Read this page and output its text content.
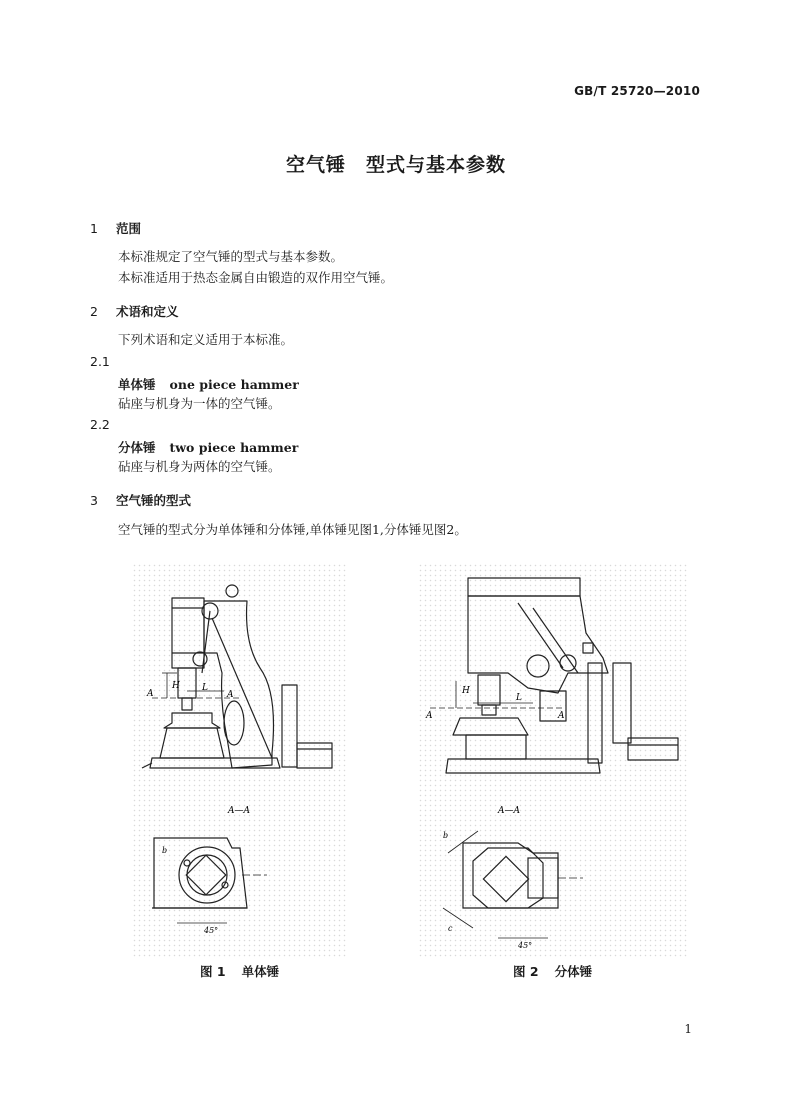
GB/T 25720—2010
空气锤　型式与基本参数
1 范围
本标准规定了空气锤的型式与基本参数。
本标准适用于热态金属自由锻造的双作用空气锤。
2 术语和定义
下列术语和定义适用于本标准。
2.1
单体锤 one piece hammer
砧座与机身为一体的空气锤。
2.2
分体锤 two piece hammer
砧座与机身为两体的空气锤。
3 空气锤的型式
空气锤的型式分为单体锤和分体锤,单体锤见图1,分体锤见图2。
A	A
H L
A—A
45°
b
图 1 单体锤
A	A
H
L
A—A
b
c
45°
图 2 分体锤
1
